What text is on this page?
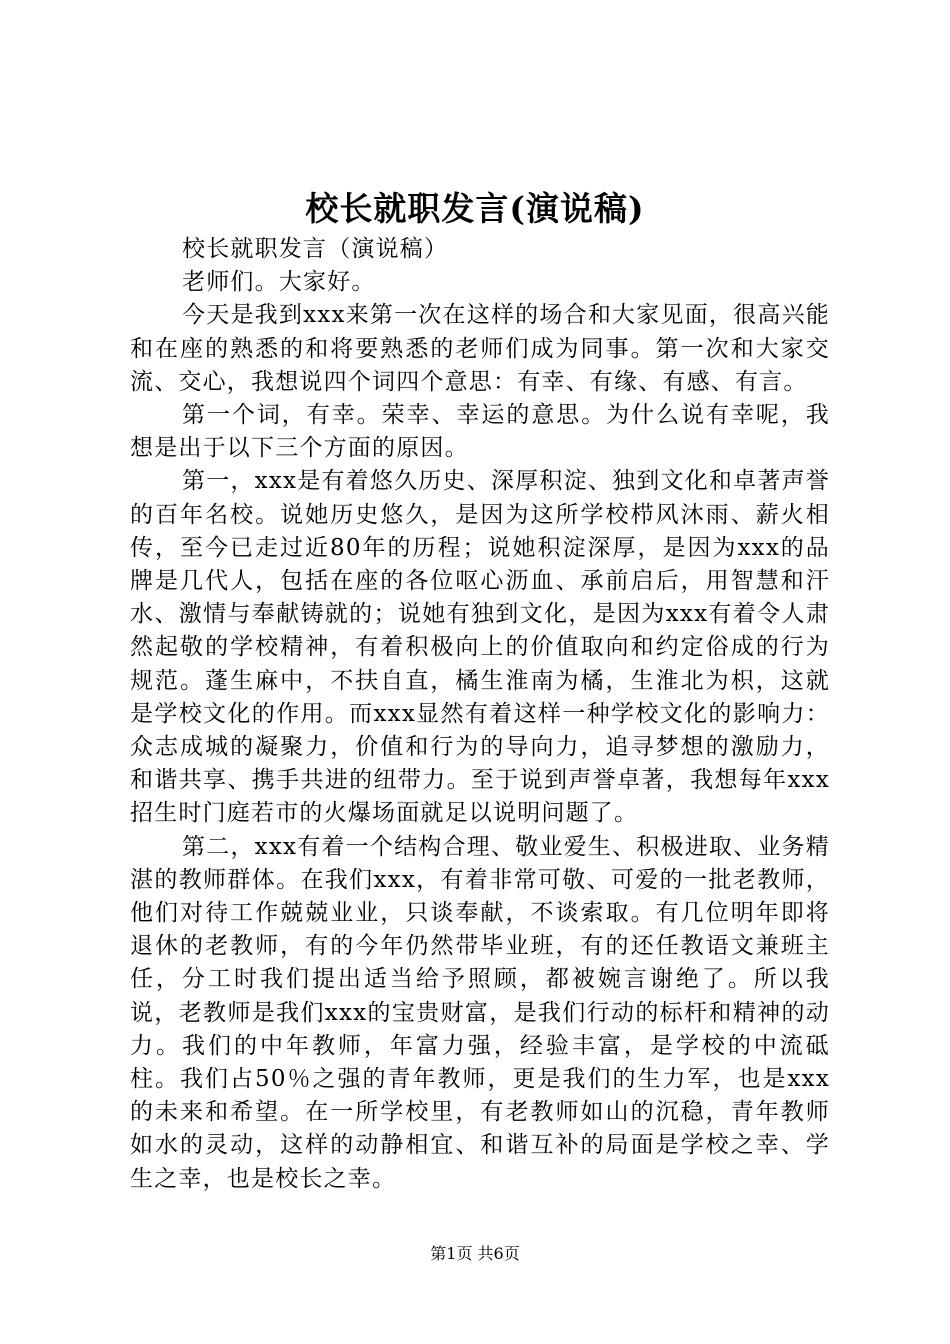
校长就职发言(演说稿)

校长就职发言（演说稿）

老师们。大家好。

今天是我到xxx来第一次在这样的场合和大家见面，很高兴能和在座的熟悉的和将要熟悉的老师们成为同事。第一次和大家交流、交心，我想说四个词四个意思：有幸、有缘、有感、有言。

第一个词，有幸。荣幸、幸运的意思。为什么说有幸呢，我想是出于以下三个方面的原因。

第一，xxx是有着悠久历史、深厚积淀、独到文化和卓著声誉的百年名校。说她历史悠久，是因为这所学校栉风沐雨、薪火相传，至今已走过近80年的历程；说她积淀深厚，是因为xxx的品牌是几代人，包括在座的各位呕心沥血、承前启后，用智慧和汗水、激情与奉献铸就的；说她有独到文化，是因为xxx有着令人肃然起敬的学校精神，有着积极向上的价值取向和约定俗成的行为规范。蓬生麻中，不扶自直，橘生淮南为橘，生淮北为枳，这就是学校文化的作用。而xxx显然有着这样一种学校文化的影响力：众志成城的凝聚力，价值和行为的导向力，追寻梦想的激励力，和谐共享、携手共进的纽带力。至于说到声誉卓著，我想每年xxx招生时门庭若市的火爆场面就足以说明问题了。

第二，xxx有着一个结构合理、敬业爱生、积极进取、业务精湛的教师群体。在我们xxx，有着非常可敬、可爱的一批老教师，他们对待工作兢兢业业，只谈奉献，不谈索取。有几位明年即将退休的老教师，有的今年仍然带毕业班，有的还任教语文兼班主任，分工时我们提出适当给予照顾，都被婉言谢绝了。所以我说，老教师是我们xxx的宝贵财富，是我们行动的标杆和精神的动力。我们的中年教师，年富力强，经验丰富，是学校的中流砥柱。我们占50％之强的青年教师，更是我们的生力军，也是xxx的未来和希望。在一所学校里，有老教师如山的沉稳，青年教师如水的灵动，这样的动静相宜、和谐互补的局面是学校之幸、学生之幸，也是校长之幸。

第1页 共6页
